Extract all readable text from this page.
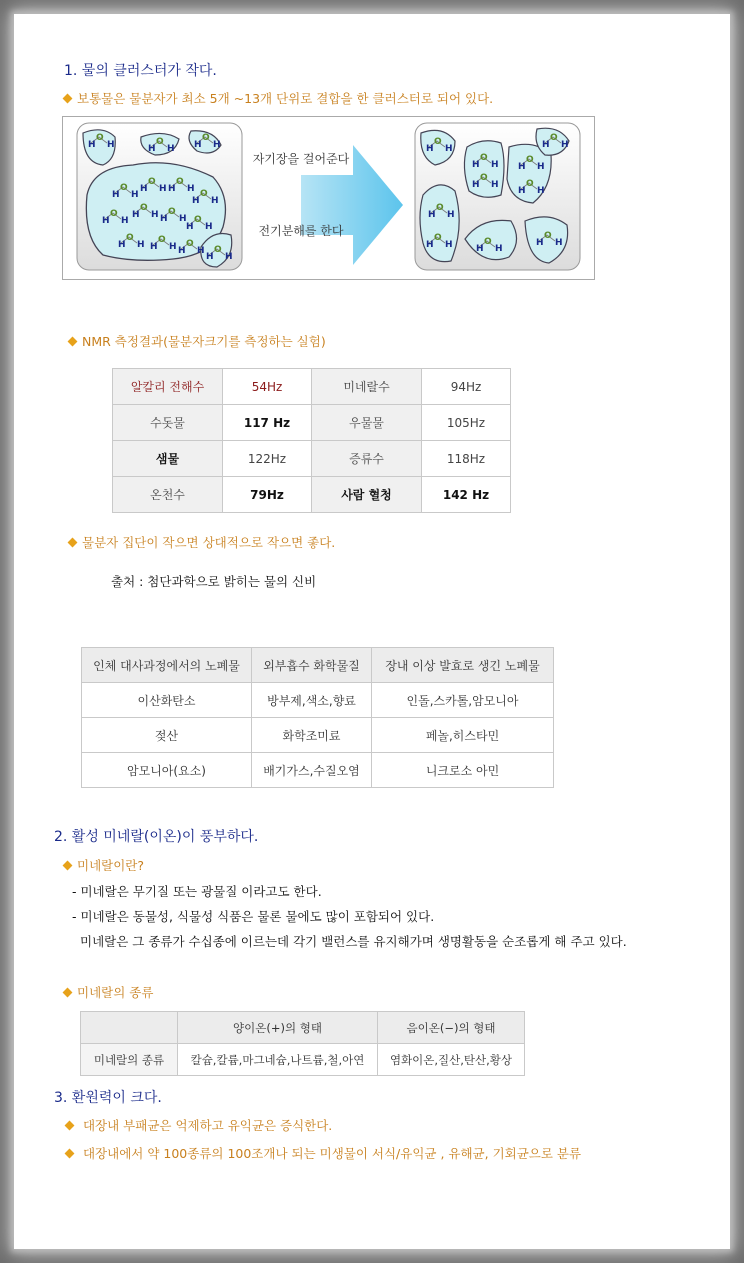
1. 물의 클러스터가 작다.
보통물은 물분자가 최소 5개 ~13개 단위로 결합을 한 클러스터로 되어 있다.
H
O
H	H
O
H H
O
H
H
O
H
H
O
H H
O
H
H
O
H
H
O
H
H
O
H H
O
H
H
O
H
H
O
H H
O
H H
O
H
H
O
H
자기장을 걸어준다
전기분해를 한다
H
O
H
H
O
H
H
O
H
H
O
H
H
O
H
H
O
H
H
O
H
H
O
H	H
O
H
H
O
H
NMR 측정결과(물분자크기를 측정하는 실험)
알칼리 전해수	54Hz	미네랄수	94Hz
수돗물	117 Hz	우물물	105Hz
샘물	122Hz	증류수	118Hz
온천수	79Hz	사람 혈청	142 Hz
물분자 집단이 작으면 상대적으로 작으면 좋다.
출처 : 첨단과학으로 밝히는 물의 신비
인체 대사과정에서의 노폐물	외부흡수 화학물질	장내 이상 발효로 생긴 노폐물
이산화탄소	방부제,색소,향료	인돌,스카톨,암모니아
젖산	화학조미료	페놀,히스타민
암모니아(요소)	배기가스,수질오염	니크로소 아민
2. 활성 미네랄(이온)이 풍부하다.
미네랄이란?
- 미네랄은 무기질 또는 광물질 이라고도 한다.
- 미네랄은 동물성, 식물성 식품은 물론 물에도 많이 포함되어 있다.
미네랄은 그 종류가 수십종에 이르는데 각기 밸런스를 유지해가며 생명활동을 순조롭게 해 주고 있다.
미네랄의 종류
	양이온(+)의 형태	음이온(−)의 형태
미네랄의 종류	칼슘,칼륨,마그네슘,나트륨,철,아연	염화이온,질산,탄산,황상
3. 환원력이 크다.
대장내 부패균은 억제하고 유익균은 증식한다.
대장내에서 약 100종류의 100조개나 되는 미생물이 서식/유익균 , 유해균, 기회균으로 분류
